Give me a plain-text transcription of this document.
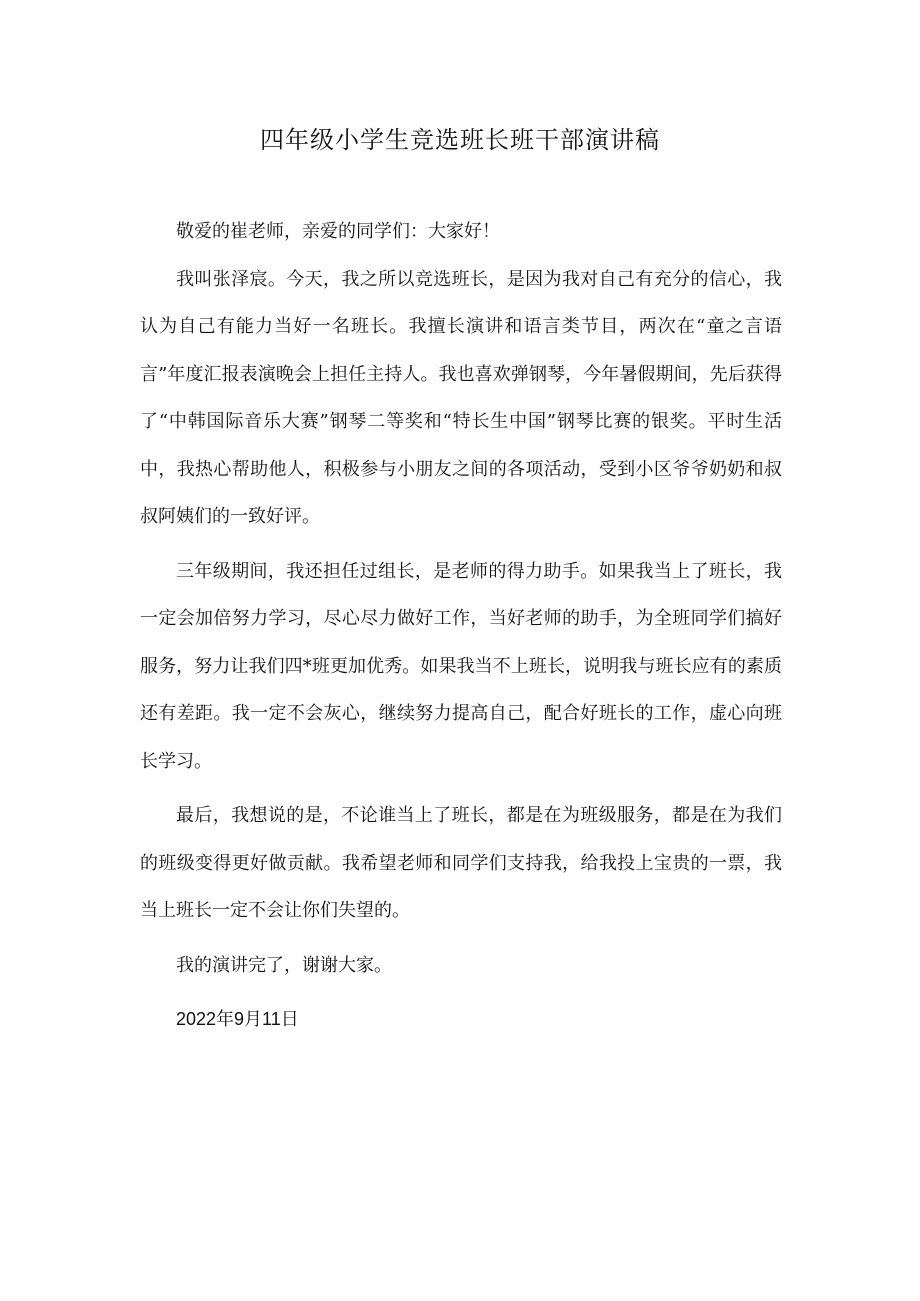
四年级小学生竞选班长班干部演讲稿

敬爱的崔老师，亲爱的同学们：大家好！

我叫张泽宸。今天，我之所以竞选班长，是因为我对自己有充分的信心，我认为自己有能力当好一名班长。我擅长演讲和语言类节目，两次在“童之言语言”年度汇报表演晚会上担任主持人。我也喜欢弹钢琴，今年暑假期间，先后获得了“中韩国际音乐大赛”钢琴二等奖和“特长生中国”钢琴比赛的银奖。平时生活中，我热心帮助他人，积极参与小朋友之间的各项活动，受到小区爷爷奶奶和叔叔阿姨们的一致好评。

三年级期间，我还担任过组长，是老师的得力助手。如果我当上了班长，我一定会加倍努力学习，尽心尽力做好工作，当好老师的助手，为全班同学们搞好服务，努力让我们四*班更加优秀。如果我当不上班长，说明我与班长应有的素质还有差距。我一定不会灰心，继续努力提高自己，配合好班长的工作，虚心向班长学习。

最后，我想说的是，不论谁当上了班长，都是在为班级服务，都是在为我们的班级变得更好做贡献。我希望老师和同学们支持我，给我投上宝贵的一票，我当上班长一定不会让你们失望的。

我的演讲完了，谢谢大家。

2022年9月11日
